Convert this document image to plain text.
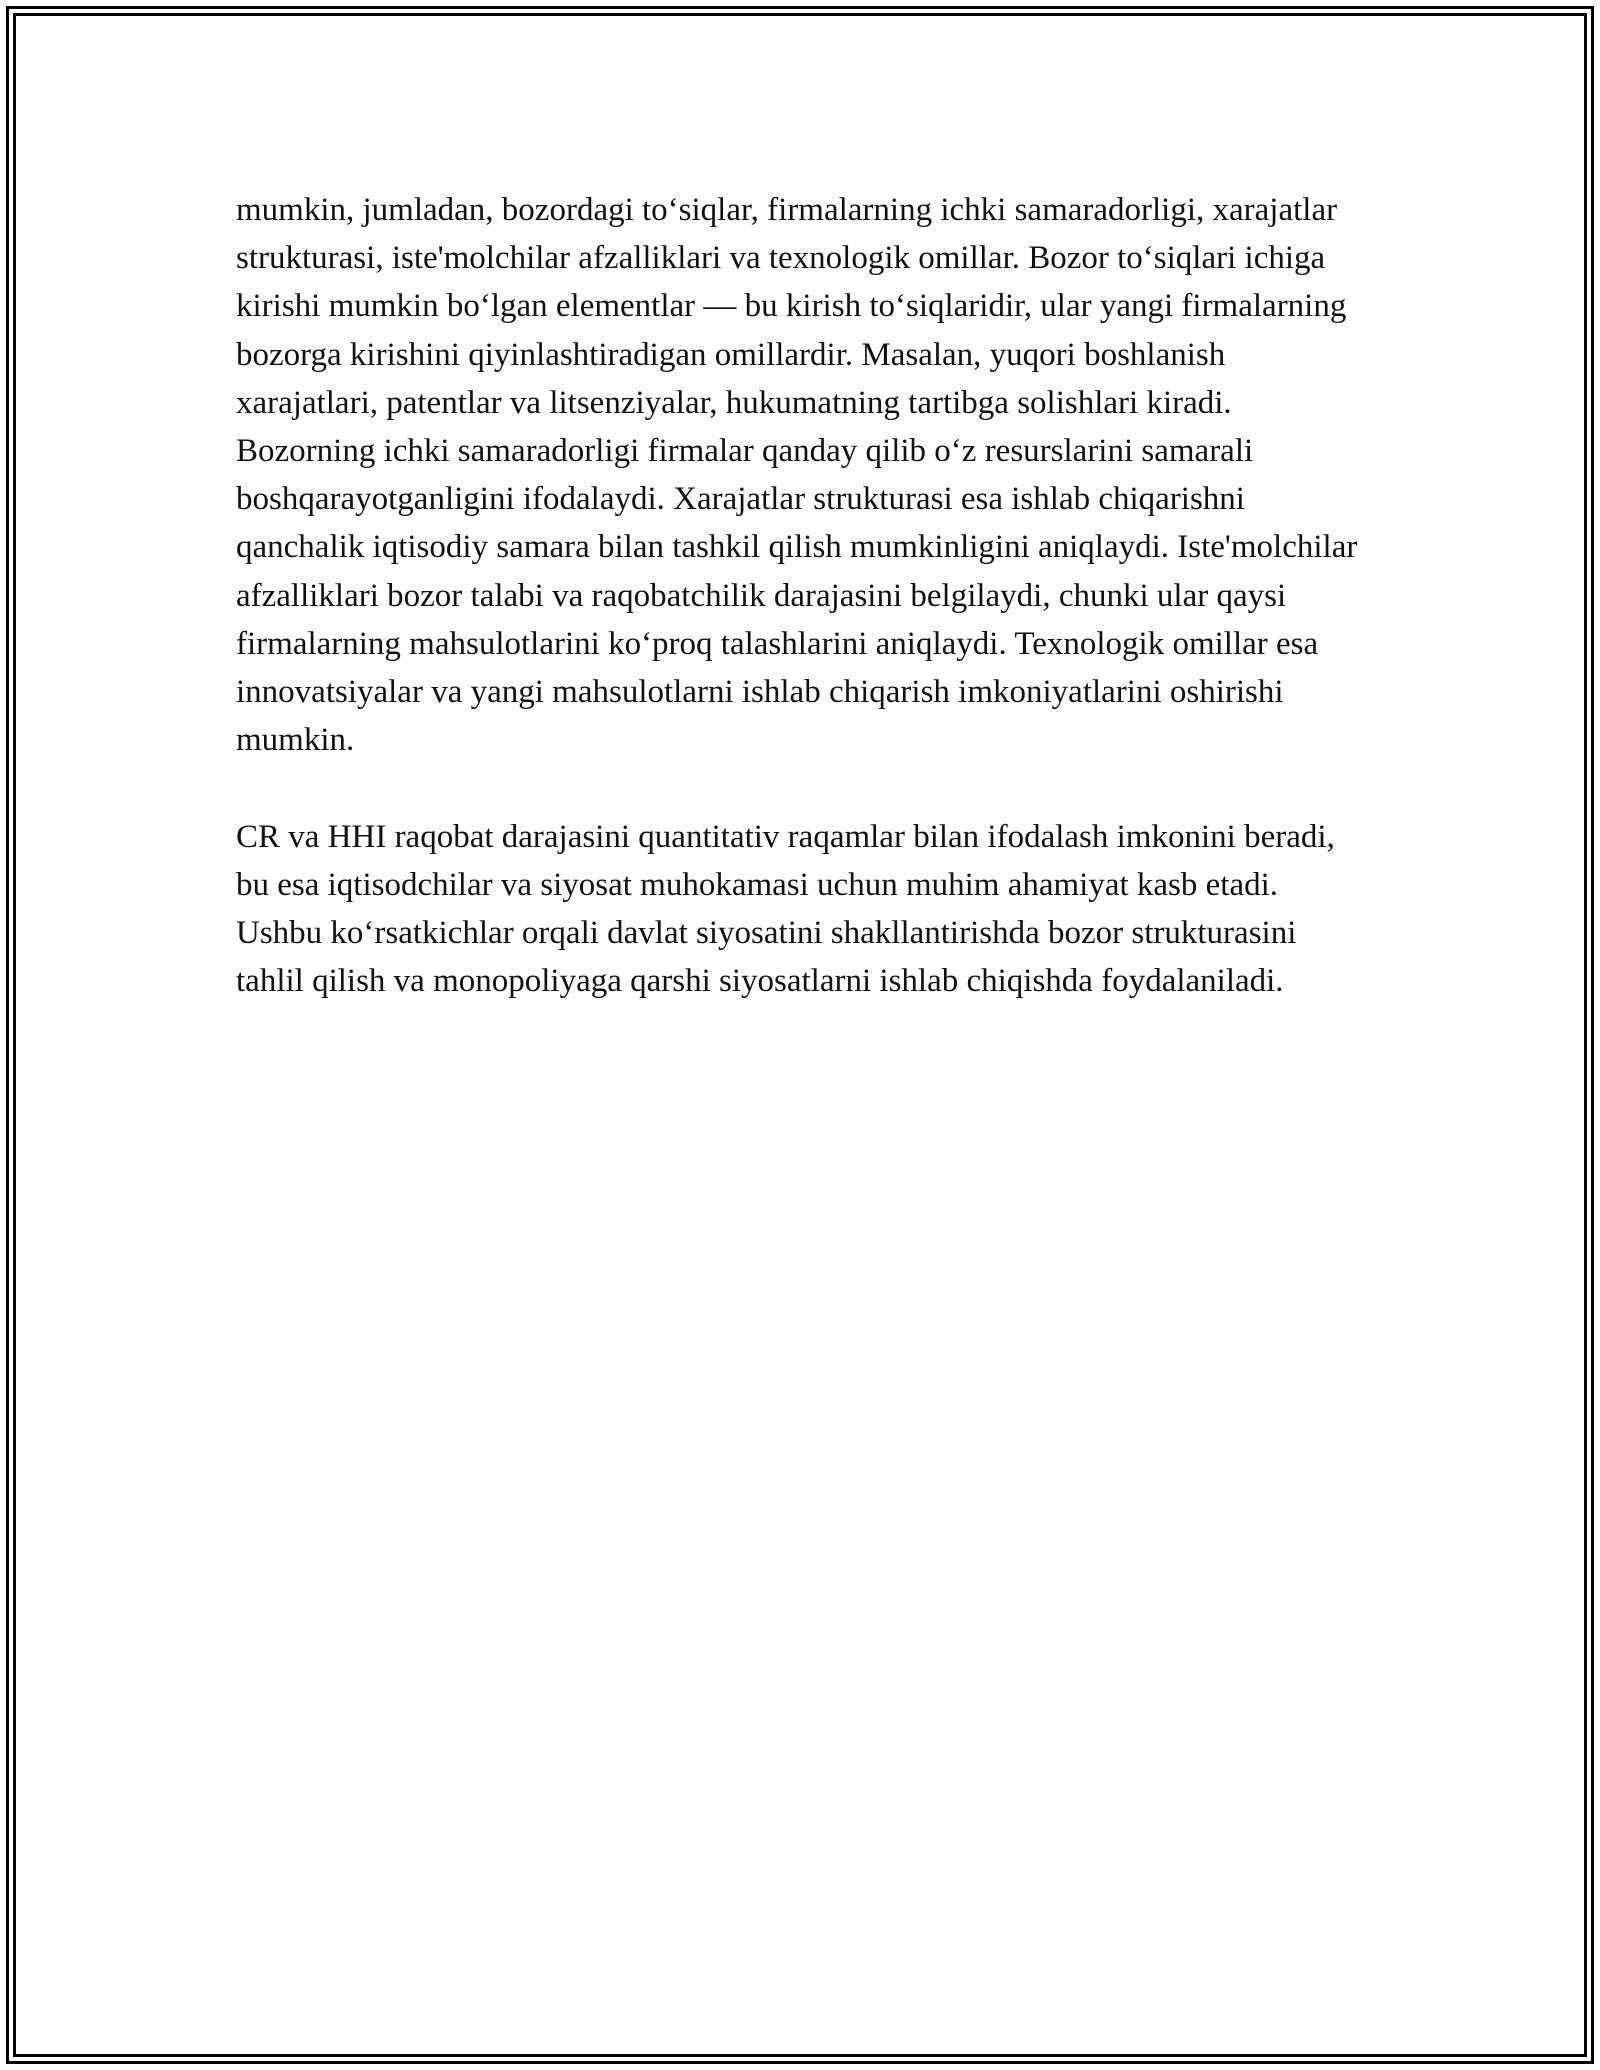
mumkin, jumladan, bozordagi to‘siqlar, firmalarning ichki samaradorligi, xarajatlar strukturasi, iste'molchilar afzalliklari va texnologik omillar. Bozor to‘siqlari ichiga kirishi mumkin bo‘lgan elementlar — bu kirish to‘siqlaridir, ular yangi firmalarning bozorga kirishini qiyinlashtiradigan omillardir. Masalan, yuqori boshlanish xarajatlari, patentlar va litsenziyalar, hukumatning tartibga solishlari kiradi. Bozorning ichki samaradorligi firmalar qanday qilib o‘z resurslarini samarali boshqarayotganligini ifodalaydi. Xarajatlar strukturasi esa ishlab chiqarishni qanchalik iqtisodiy samara bilan tashkil qilish mumkinligini aniqlaydi. Iste'molchilar afzalliklari bozor talabi va raqobatchilik darajasini belgilaydi, chunki ular qaysi firmalarning mahsulotlarini ko‘proq talashlarini aniqlaydi. Texnologik omillar esa innovatsiyalar va yangi mahsulotlarni ishlab chiqarish imkoniyatlarini oshirishi mumkin.

CR va HHI raqobat darajasini quantitativ raqamlar bilan ifodalash imkonini beradi, bu esa iqtisodchilar va siyosat muhokamasi uchun muhim ahamiyat kasb etadi. Ushbu ko‘rsatkichlar orqali davlat siyosatini shakllantirishda bozor strukturasini tahlil qilish va monopoliyaga qarshi siyosatlarni ishlab chiqishda foydalaniladi.
